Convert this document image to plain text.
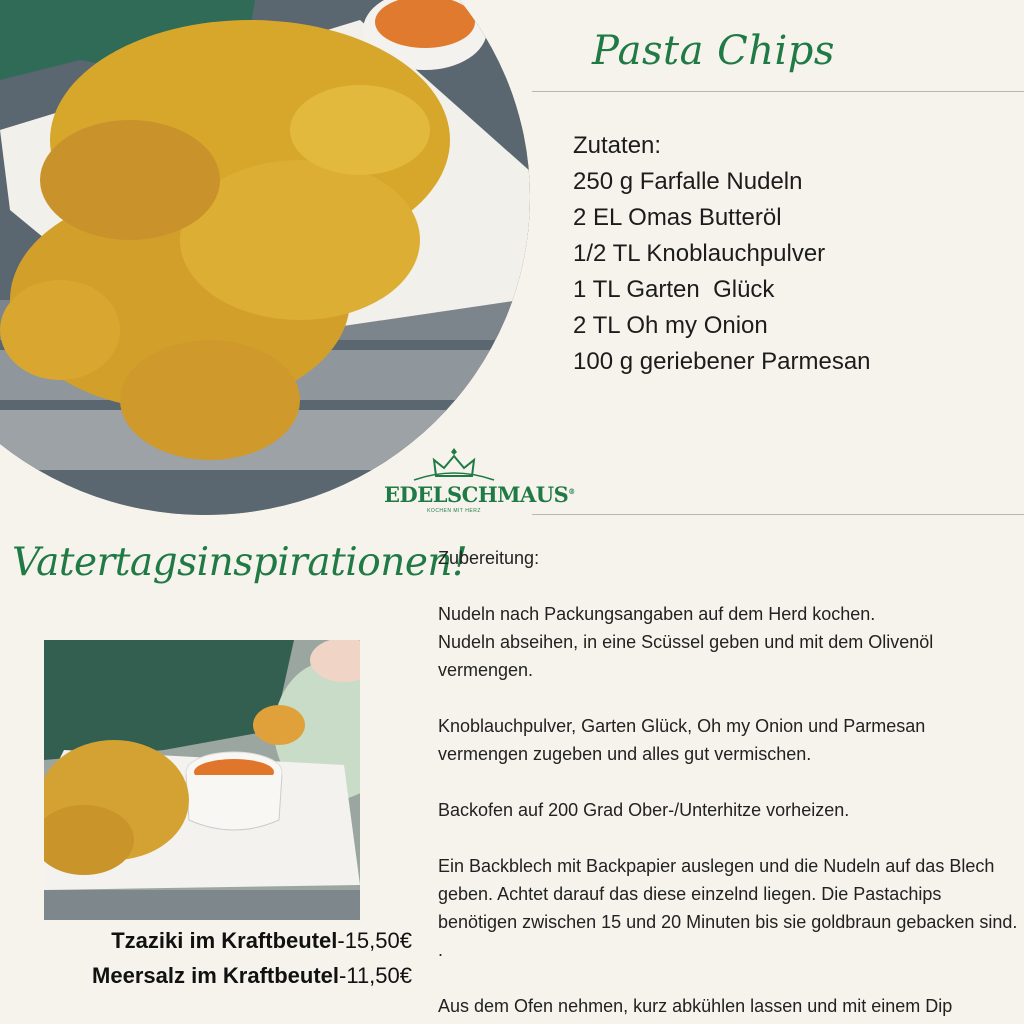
Pasta Chips
Zutaten:
250 g Farfalle Nudeln
2 EL Omas Butteröl
1/2 TL Knoblauchpulver
1 TL Garten  Glück
2 TL Oh my Onion
100 g geriebener Parmesan
EDELSCHMAUS®
KOCHEN MIT HERZ
Vatertagsinspirationen!
Tzaziki im Kraftbeutel-15,50€
Meersalz im Kraftbeutel-11,50€

Zubereitung:

Nudeln nach Packungsangaben auf dem Herd kochen.

Nudeln abseihen, in eine Scüssel geben und mit dem Olivenöl vermengen.

Knoblauchpulver, Garten Glück, Oh my Onion und Parmesan vermengen zugeben und alles gut vermischen.

Backofen auf 200 Grad Ober-/Unterhitze vorheizen.

Ein Backblech mit Backpapier auslegen und die Nudeln auf das Blech geben. Achtet darauf das diese einzelnd liegen. Die Pastachips benötigen zwischen 15 und 20 Minuten bis sie goldbraun gebacken sind. .

Aus dem Ofen nehmen, kurz abkühlen lassen und mit einem Dip
